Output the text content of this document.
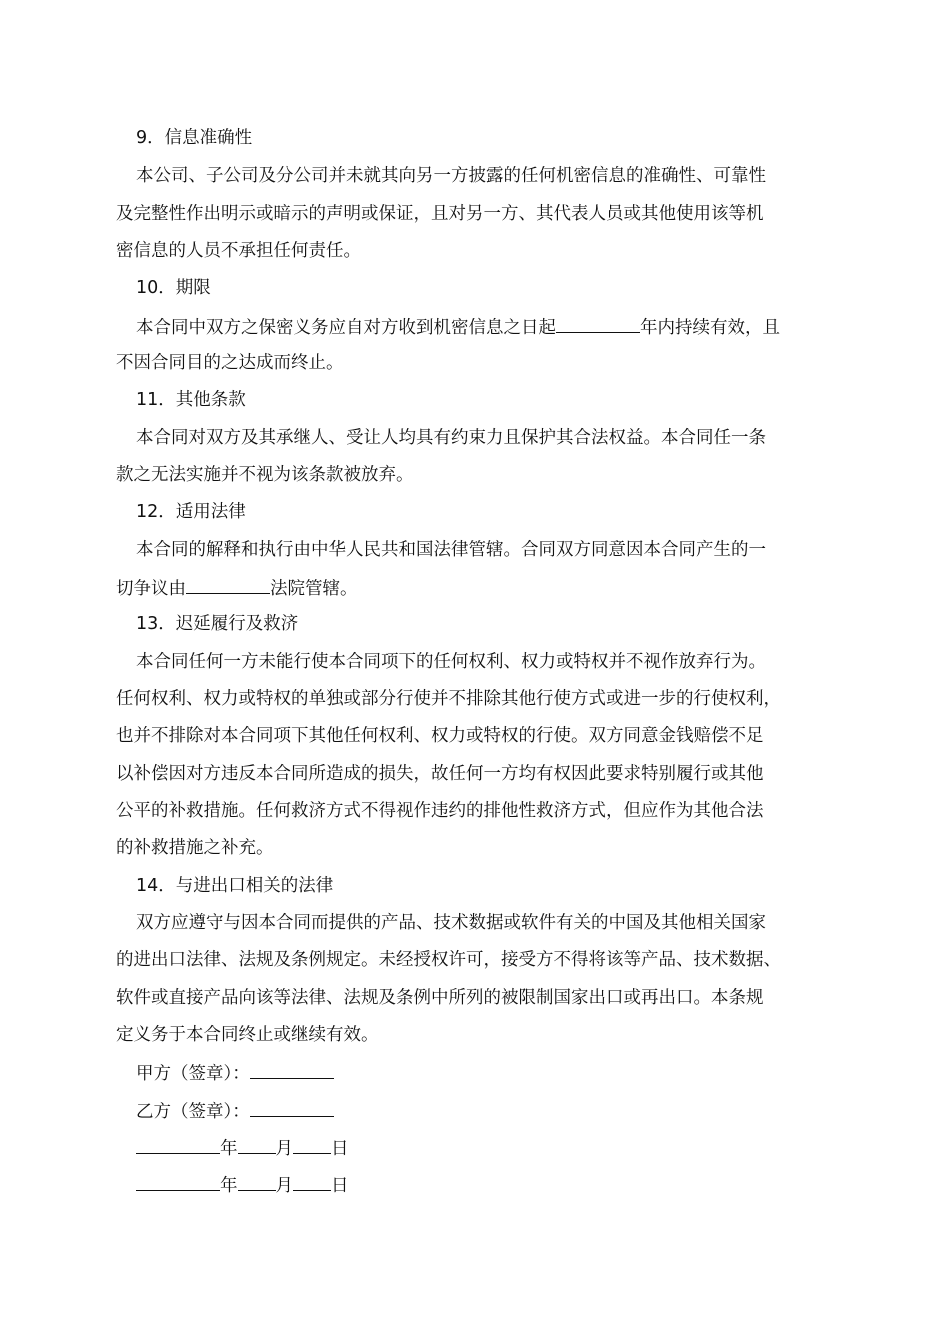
9．信息准确性
本公司、子公司及分公司并未就其向另一方披露的任何机密信息的准确性、可靠性
及完整性作出明示或暗示的声明或保证，且对另一方、其代表人员或其他使用该等机
密信息的人员不承担任何责任。
10．期限
本合同中双方之保密义务应自对方收到机密信息之日起	年内持续有效，且
不因合同目的之达成而终止。
11．其他条款
本合同对双方及其承继人、受让人均具有约束力且保护其合法权益。本合同任一条
款之无法实施并不视为该条款被放弃。
12．适用法律
本合同的解释和执行由中华人民共和国法律管辖。合同双方同意因本合同产生的一
切争议由	法院管辖。
13．迟延履行及救济
本合同任何一方未能行使本合同项下的任何权利、权力或特权并不视作放弃行为。
任何权利、权力或特权的单独或部分行使并不排除其他行使方式或进一步的行使权利，
也并不排除对本合同项下其他任何权利、权力或特权的行使。双方同意金钱赔偿不足
以补偿因对方违反本合同所造成的损失，故任何一方均有权因此要求特别履行或其他
公平的补救措施。任何救济方式不得视作违约的排他性救济方式，但应作为其他合法
的补救措施之补充。
14．与进出口相关的法律
双方应遵守与因本合同而提供的产品、技术数据或软件有关的中国及其他相关国家
的进出口法律、法规及条例规定。未经授权许可，接受方不得将该等产品、技术数据、
软件或直接产品向该等法律、法规及条例中所列的被限制国家出口或再出口。本条规
定义务于本合同终止或继续有效。
甲方（签章）：
乙方（签章）：
年 月 日
年 月 日
